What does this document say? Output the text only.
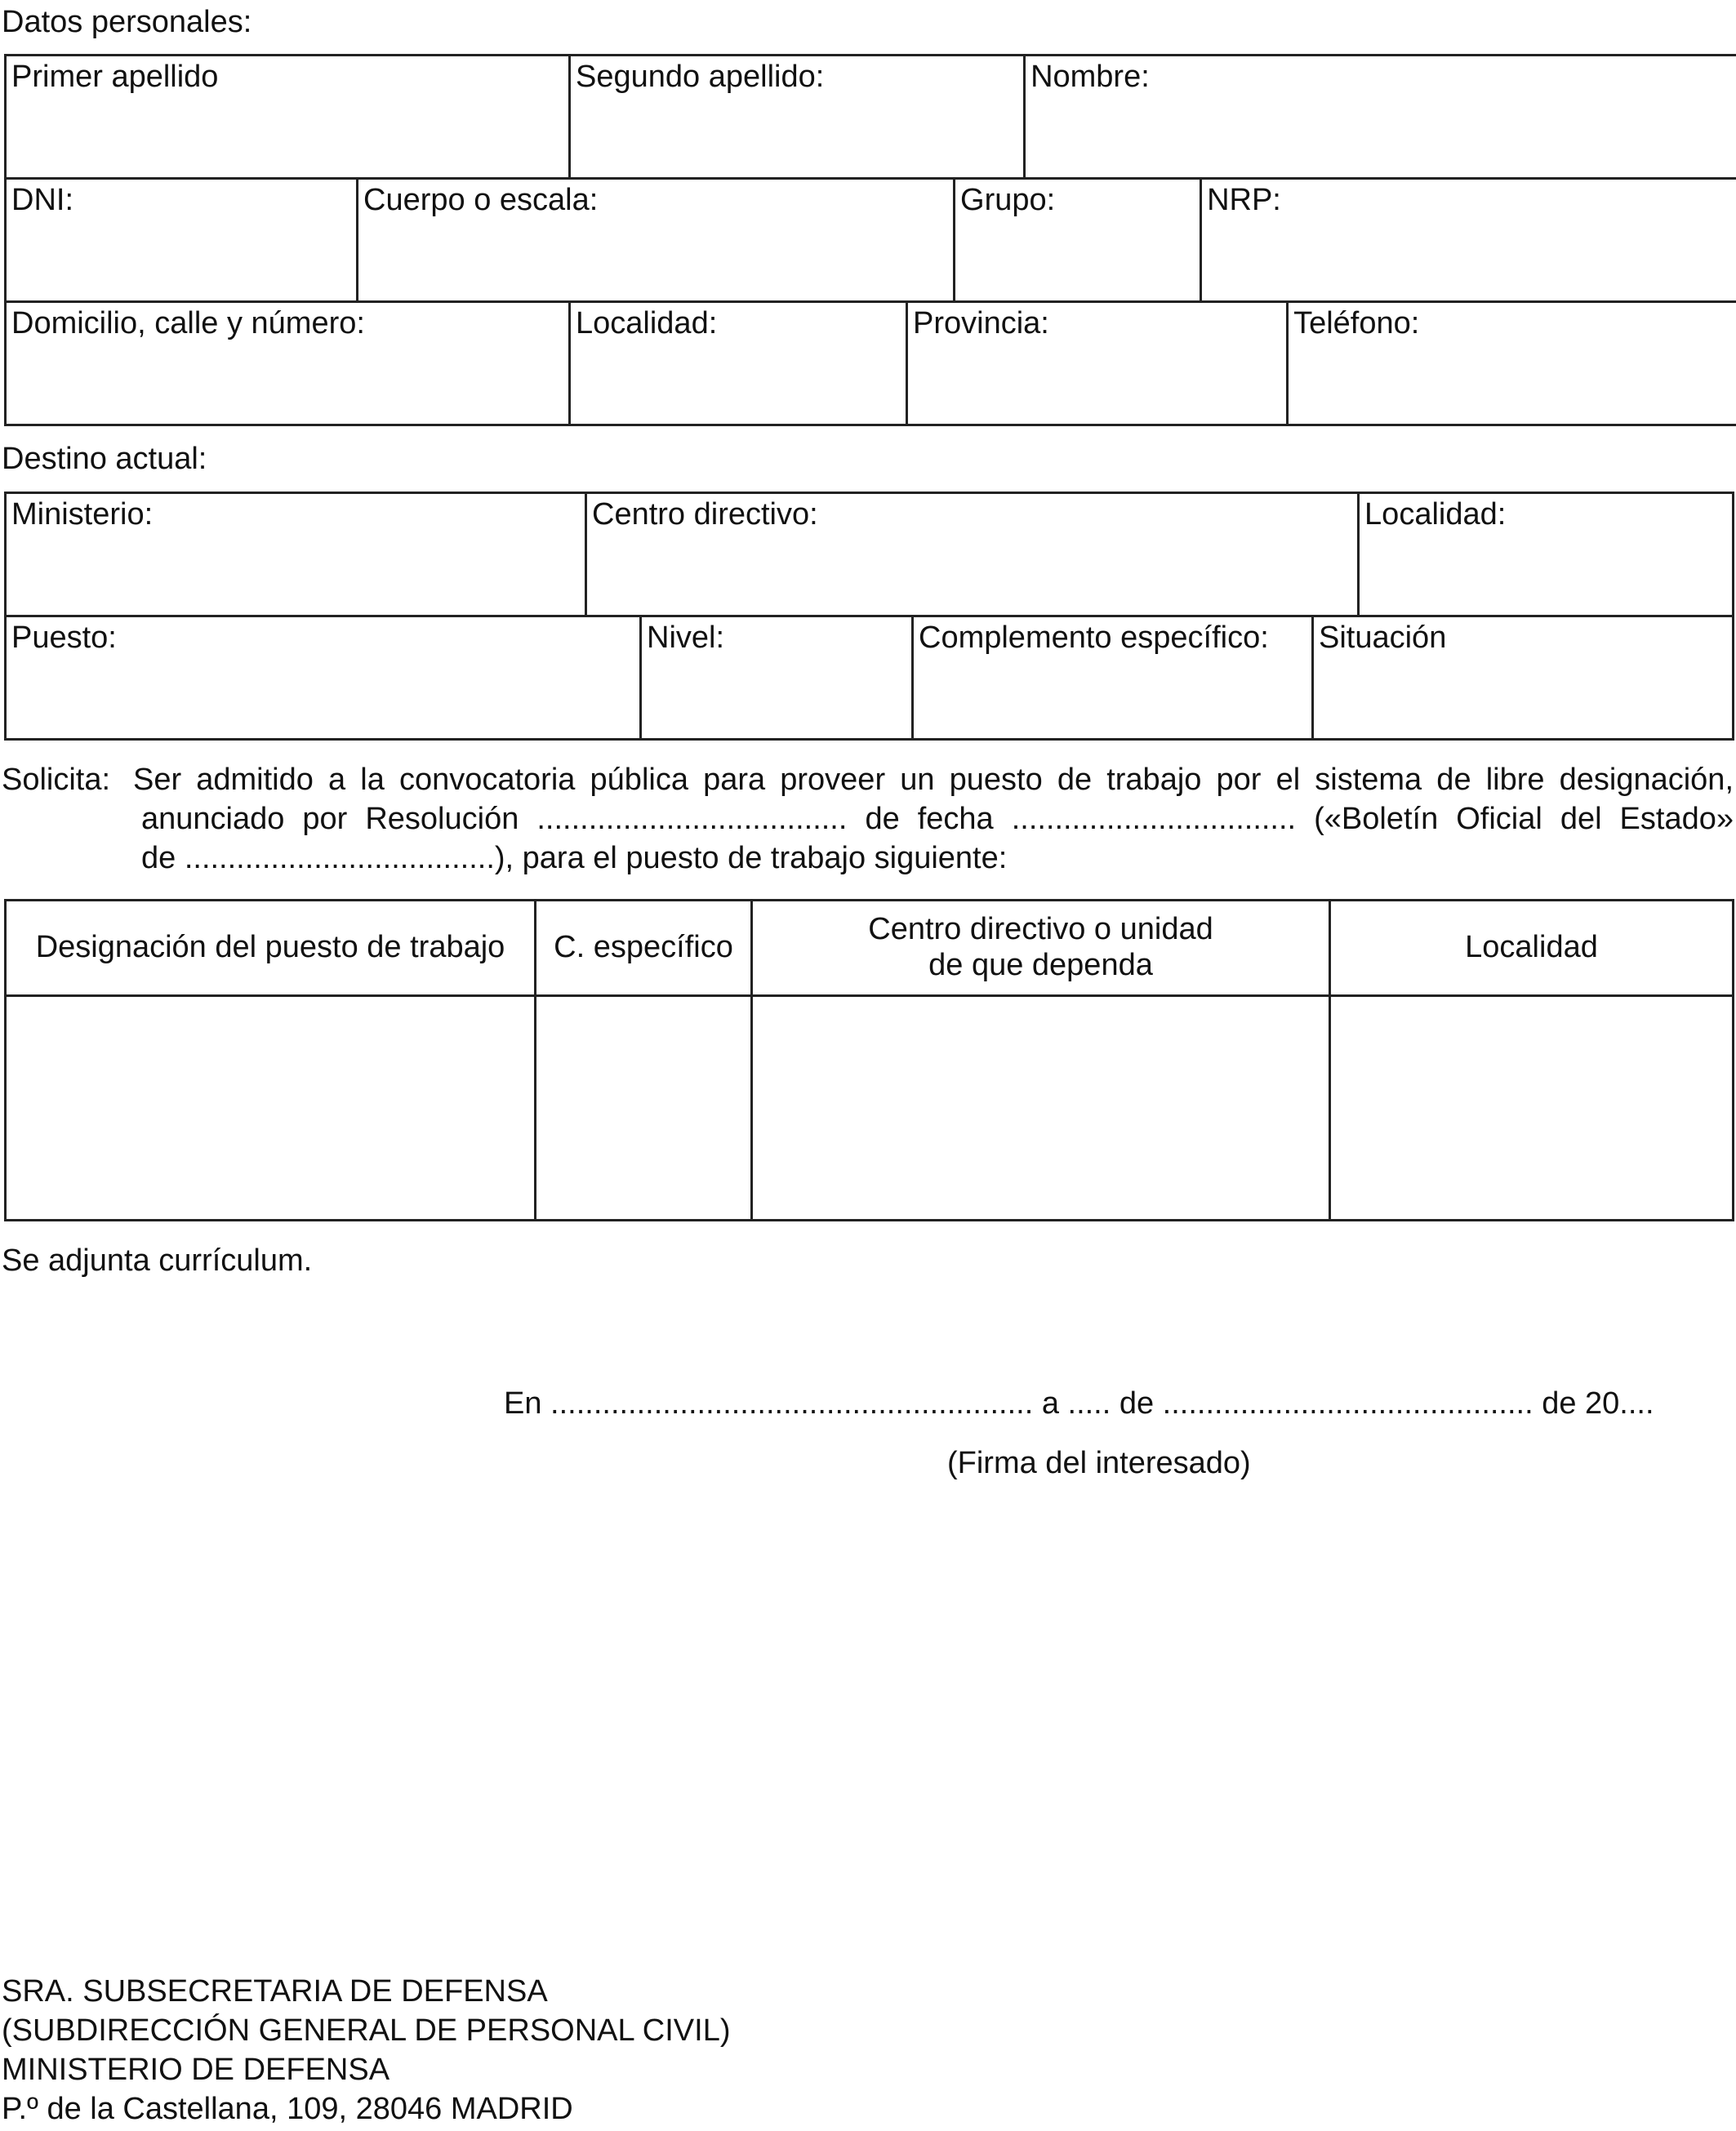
Datos personales:
Primer apellido		Segundo apellido:			Nombre:		
DNI:	Cuerpo o escala:			Grupo:		NRP:	
Domicilio, calle y número:		Localidad:	Provincia:				Teléfono:
Destino actual:
Ministerio:	Centro directivo:				Localidad:
Puesto:		Nivel:	Complemento específico:	Situación	
Solicita: Ser admitido a la convocatoria pública para proveer un puesto de trabajo por el sistema de libre designación,
anunciado por Resolución .................................... de fecha ................................. («Boletín Oficial del Estado»
de ....................................), para el puesto de trabajo siguiente:
Designación del puesto de trabajo	C. específico	Centro directivo o unidad
de que dependa	Localidad

Se adjunta currículum.
En ........................................................ a ..... de ........................................... de 20....
(Firma del interesado)
SRA. SUBSECRETARIA DE DEFENSA
(SUBDIRECCIÓN GENERAL DE PERSONAL CIVIL)
MINISTERIO DE DEFENSA
P.º de la Castellana, 109, 28046 MADRID
